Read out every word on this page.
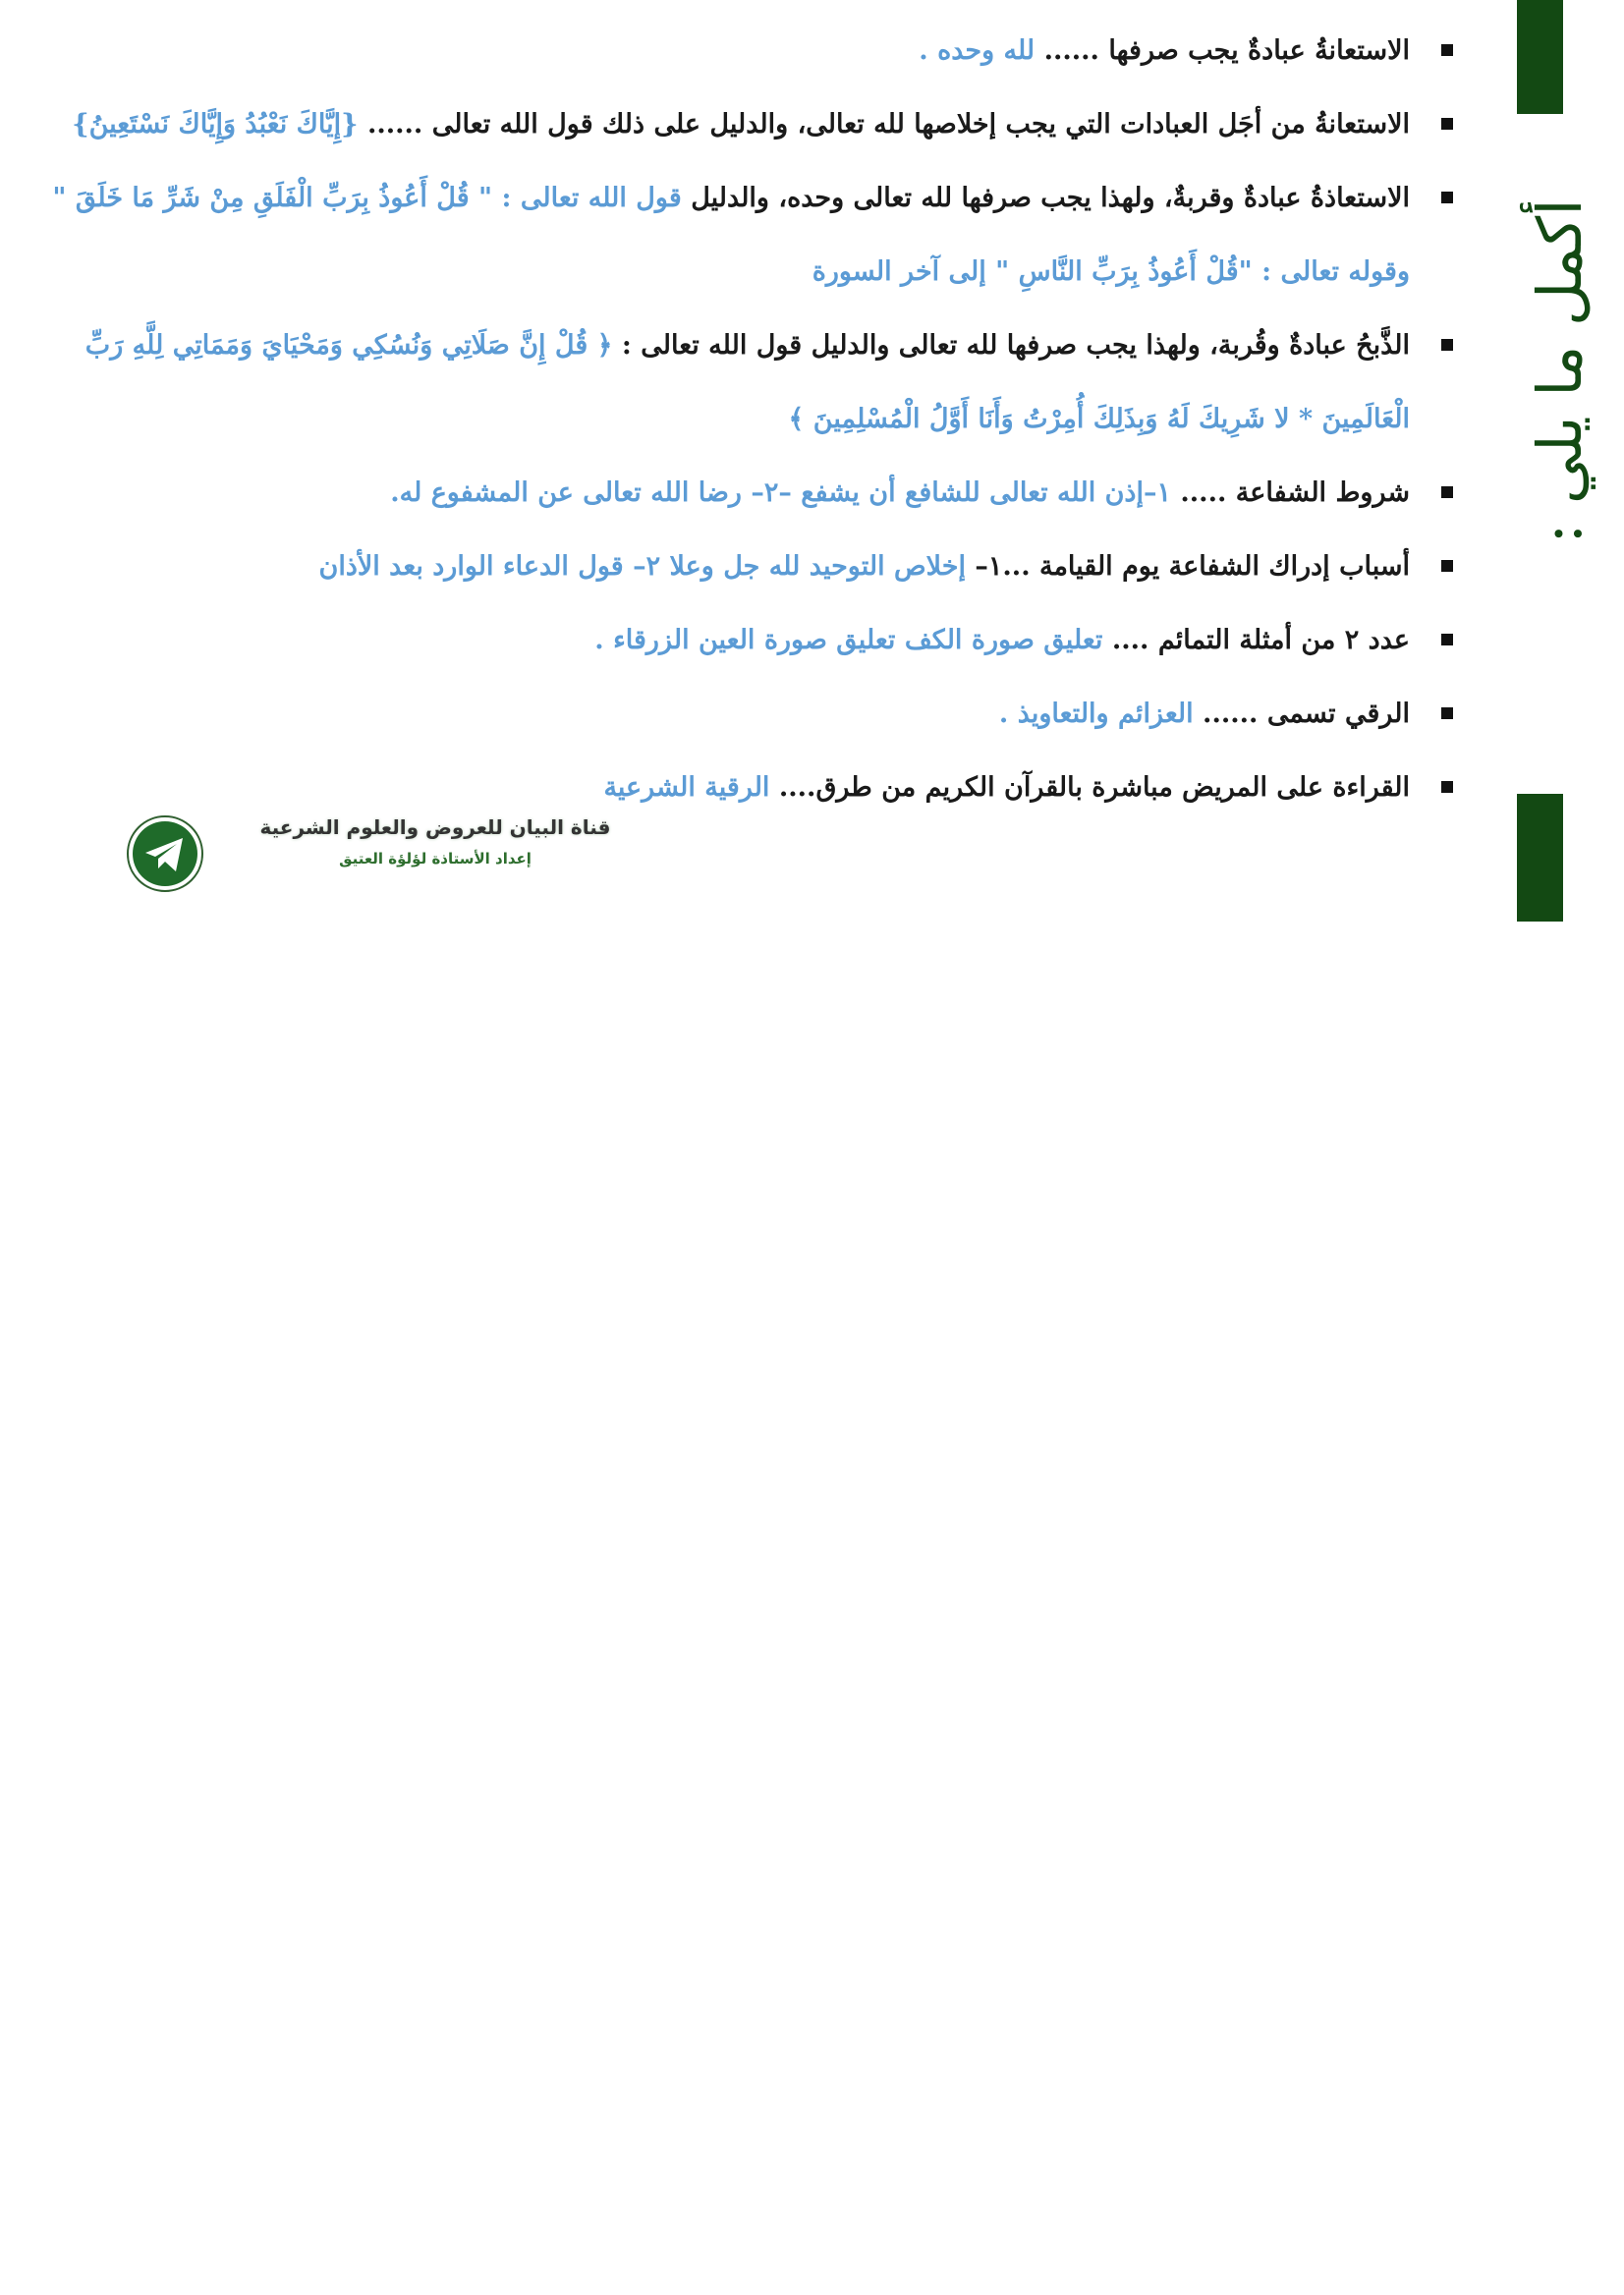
أكمل ما يلي :
الاستعانةُ عبادةٌ يجب صرفها ...... لله وحده .
الاستعانةُ من أجَل العبادات التي يجب إخلاصها لله تعالى، والدليل على ذلك قول الله تعالى ...... {إِيَّاكَ نَعْبُدُ وَإِيَّاكَ نَسْتَعِينُ}
الاستعاذةُ عبادةٌ وقربةٌ، ولهذا يجب صرفها لله تعالى وحده، والدليل قول الله تعالى : " قُلْ أَعُوذُ بِرَبِّ الْفَلَقِ مِنْ شَرِّ مَا خَلَقَ " وقوله تعالى : "قُلْ أَعُوذُ بِرَبِّ النَّاسِ " إلى آخر السورة
الذَّبحُ عبادةٌ وقُربة، ولهذا يجب صرفها لله تعالى والدليل قول الله تعالى : ﴿ قُلْ إِنَّ صَلَاتِي وَنُسُكِي وَمَحْيَايَ وَمَمَاتِي لِلَّهِ رَبِّ الْعَالَمِينَ * لا شَرِيكَ لَهُ وَبِذَلِكَ أُمِرْتُ وَأَنَا أَوَّلُ الْمُسْلِمِينَ ﴾
شروط الشفاعة ..... ١–إذن الله تعالى للشافع أن يشفع –٢– رضا الله تعالى عن المشفوع له.
أسباب إدراك الشفاعة يوم القيامة ...١– إخلاص التوحيد لله جل وعلا ٢– قول الدعاء الوارد بعد الأذان
عدد ٢ من أمثلة التمائم .... تعليق صورة الكف تعليق صورة العين الزرقاء .
الرقي تسمى ...... العزائم والتعاويذ .
القراءة على المريض مباشرة بالقرآن الكريم من طرق.... الرقية الشرعية
قناة البيان للعروض والعلوم الشرعية
إعداد الأستاذة لؤلؤة العتيق
